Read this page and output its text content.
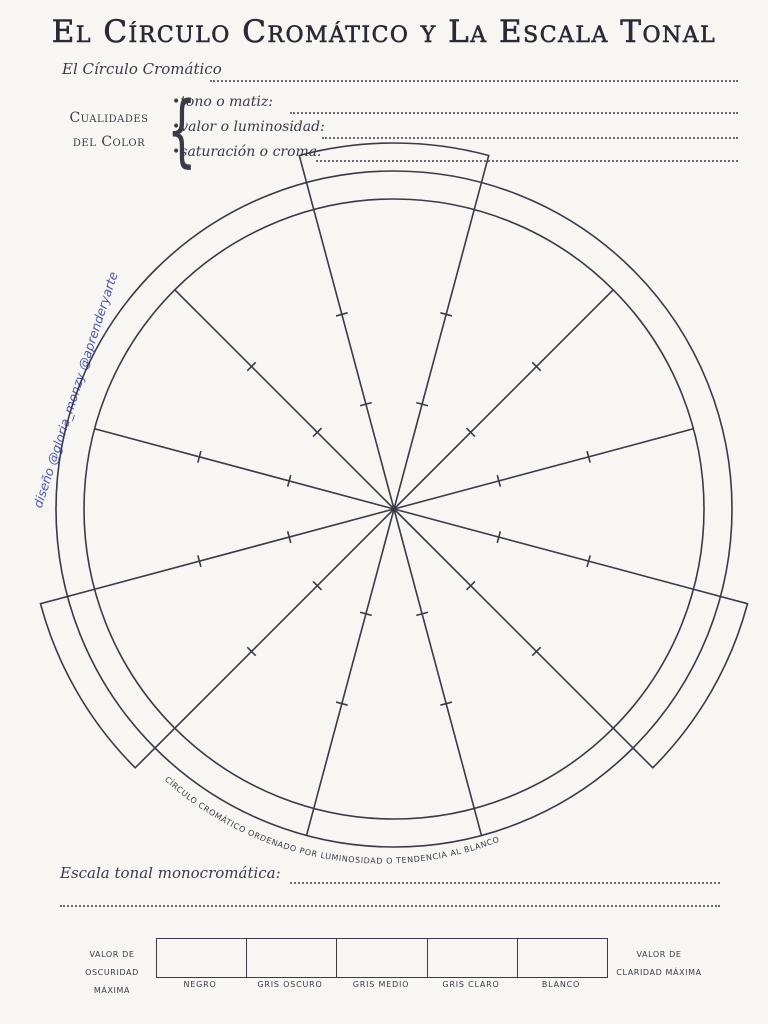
El Círculo Cromático y La Escala Tonal
El Círculo Cromático
Cualidades
del Color {
•tono o matiz:
•valor o luminosidad:
•saturación o croma:
diseño @gloria_monzy @aprenderyarte
CÍRCULO CROMÁTICO ORDENADO POR LUMINOSIDAD O TENDENCIA AL BLANCO
Escala tonal monocromática:
VALOR DE
OSCURIDAD MÁXIMA
VALOR DE
CLARIDAD MÁXIMA
NEGRO	GRIS OSCURO	GRIS MEDIO	GRIS CLARO	BLANCO
